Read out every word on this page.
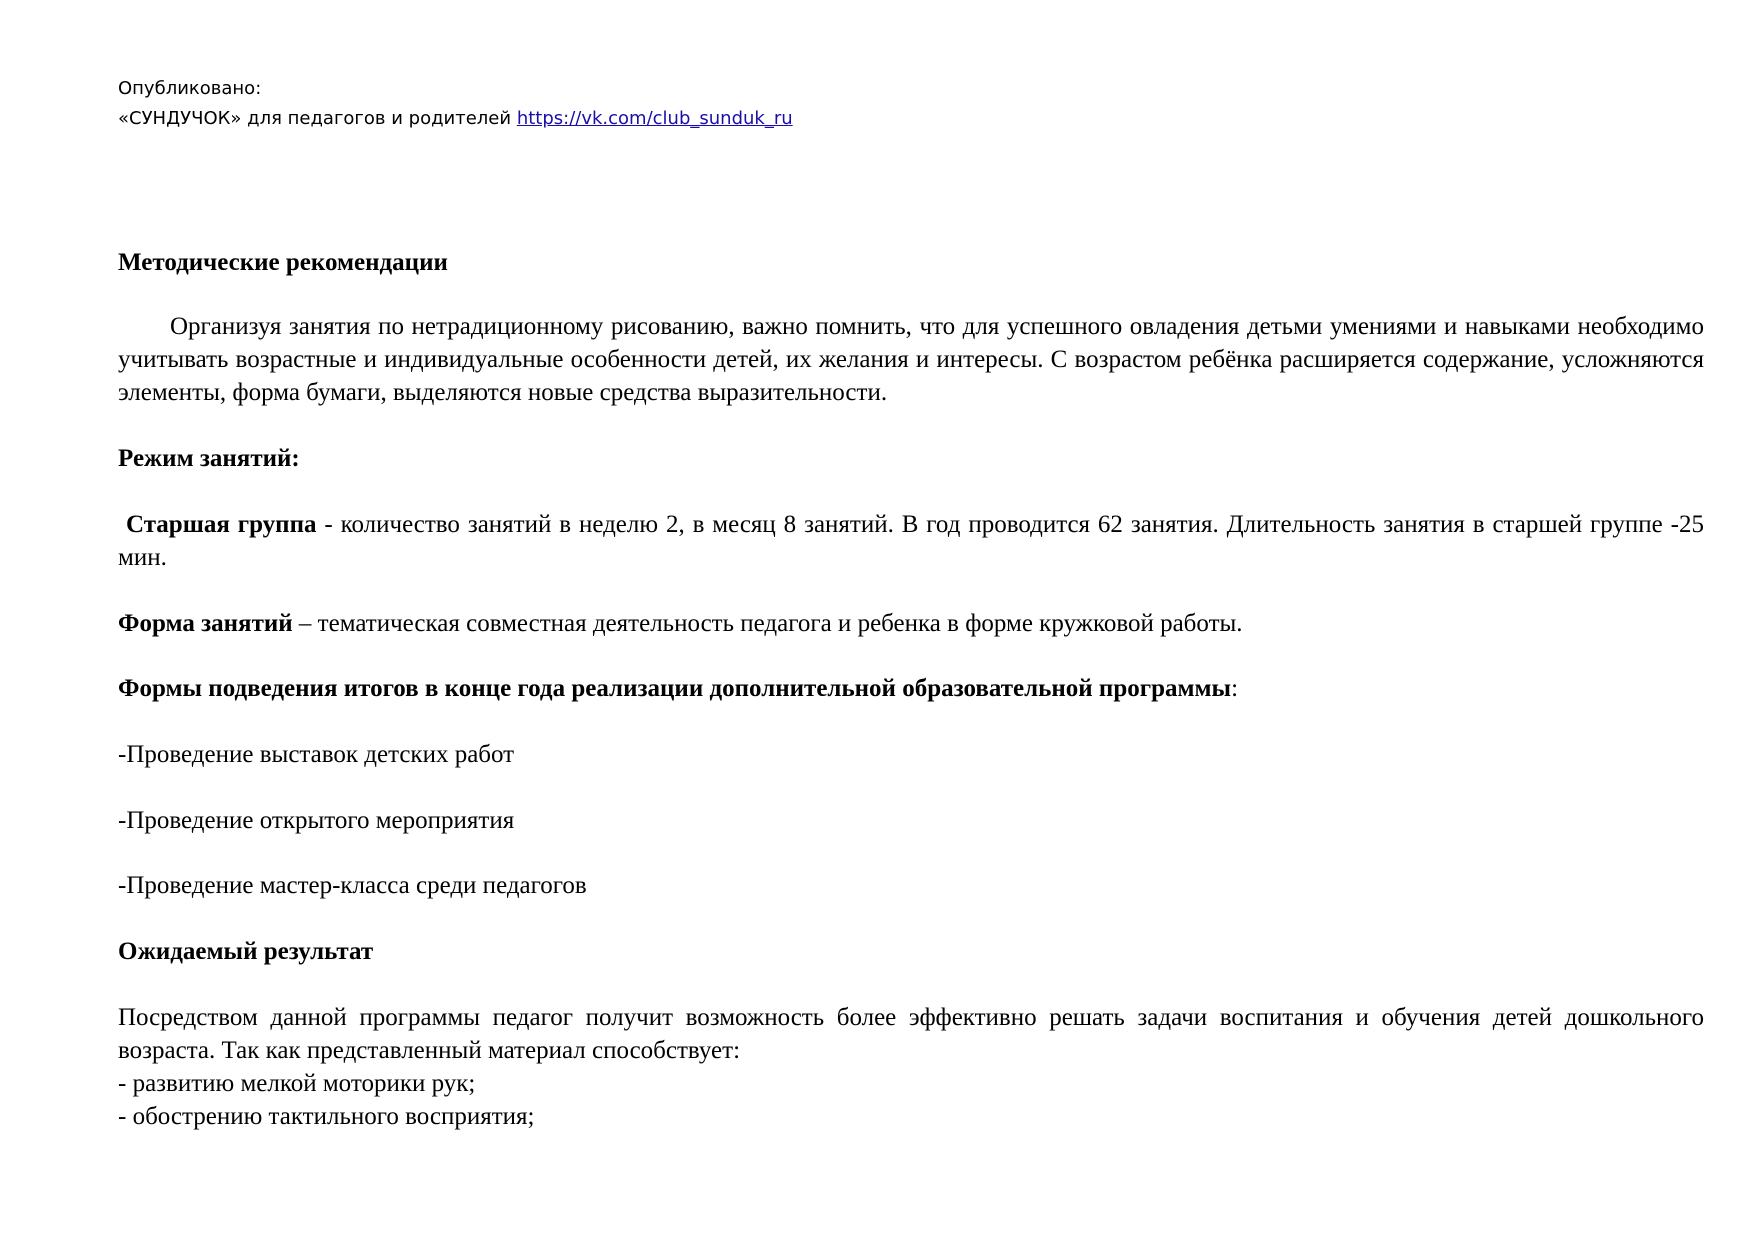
Опубликовано:
«СУНДУЧОК» для педагогов и родителей https://vk.com/club_sunduk_ru
Методические рекомендации
Организуя занятия по нетрадиционному рисованию, важно помнить, что для успешного овладения детьми умениями и навыками необходимо учитывать возрастные и индивидуальные особенности детей, их желания и интересы. С возрастом ребёнка расширяется содержание, усложняются элементы, форма бумаги, выделяются новые средства выразительности.
Режим занятий:
Старшая группа - количество занятий в неделю 2, в месяц 8 занятий. В год проводится 62 занятия. Длительность занятия в старшей группе -25 мин.
Форма занятий – тематическая совместная деятельность педагога и ребенка в форме кружковой работы.
Формы подведения итогов в конце года реализации дополнительной образовательной программы:
-Проведение выставок детских работ
-Проведение открытого мероприятия
-Проведение мастер-класса среди педагогов
Ожидаемый результат
Посредством данной программы педагог получит возможность более эффективно решать задачи воспитания и обучения детей дошкольного возраста. Так как представленный материал способствует:
- развитию мелкой моторики рук;
- обострению тактильного восприятия;
